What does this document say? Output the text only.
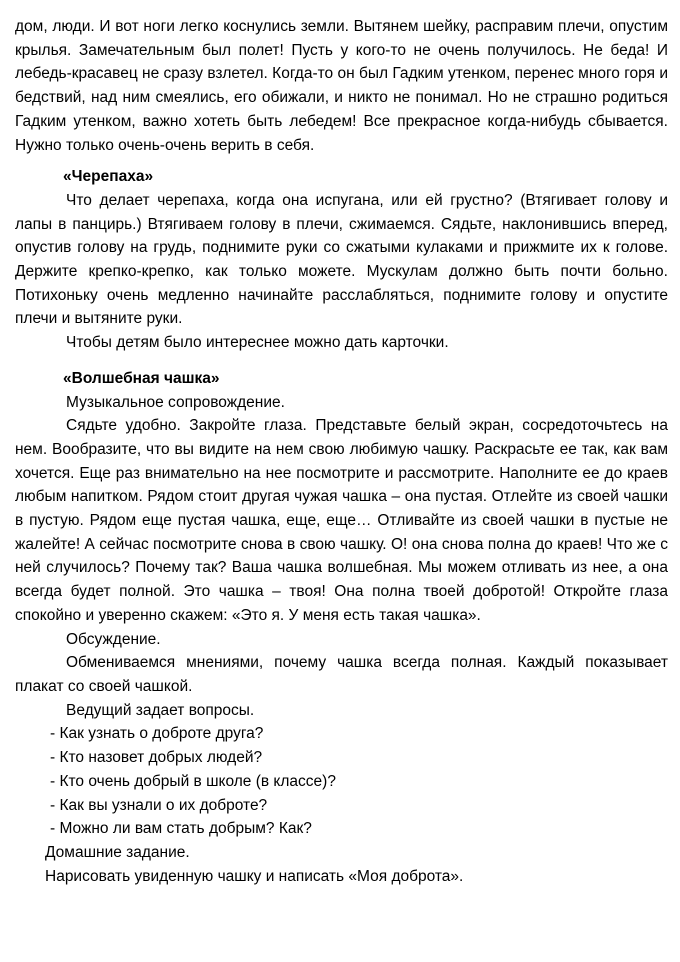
дом, люди. И вот ноги легко коснулись земли. Вытянем шейку, расправим плечи, опустим крылья. Замечательным был полет! Пусть у кого-то не очень получилось. Не беда! И лебедь-красавец не сразу взлетел. Когда-то он был Гадким утенком, перенес много горя и бедствий, над ним смеялись, его обижали, и никто не понимал. Но не страшно родиться Гадким утенком, важно хотеть быть лебедем! Все прекрасное когда-нибудь сбывается. Нужно только очень-очень верить в себя.

«Черепаха»

Что делает черепаха, когда она испугана, или ей грустно? (Втягивает голову и лапы в панцирь.) Втягиваем голову в плечи, сжимаемся. Сядьте, наклонившись вперед, опустив голову на грудь, поднимите руки со сжатыми кулаками и прижмите их к голове. Держите крепко-крепко, как только можете. Мускулам должно быть почти больно. Потихоньку очень медленно начинайте расслабляться, поднимите голову и опустите плечи и вытяните руки.

Чтобы детям было интереснее можно дать карточки.

«Волшебная чашка»

Музыкальное сопровождение.

Сядьте удобно. Закройте глаза. Представьте белый экран, сосредоточьтесь на нем. Вообразите, что вы видите на нем свою любимую чашку. Раскрасьте ее так, как вам хочется. Еще раз внимательно на нее посмотрите и рассмотрите. Наполните ее до краев любым напитком. Рядом стоит другая чужая чашка – она пустая. Отлейте из своей чашки в пустую. Рядом еще пустая чашка, еще, еще… Отливайте из своей чашки в пустые не жалейте! А сейчас посмотрите снова в свою чашку. О! она снова полна до краев! Что же с ней случилось? Почему так? Ваша чашка волшебная. Мы можем отливать из нее, а она всегда будет полной. Это чашка – твоя! Она полна твоей добротой! Откройте глаза спокойно и уверенно скажем: «Это я. У меня есть такая чашка».

Обсуждение.

Обмениваемся мнениями, почему чашка всегда полная. Каждый показывает плакат со своей чашкой.

Ведущий задает вопросы.

- Как узнать о доброте друга?

- Кто назовет добрых людей?

- Кто очень добрый в школе (в классе)?

- Как вы узнали о их доброте?

- Можно ли вам стать добрым? Как?

Домашние задание.

Нарисовать увиденную чашку и написать «Моя доброта».
